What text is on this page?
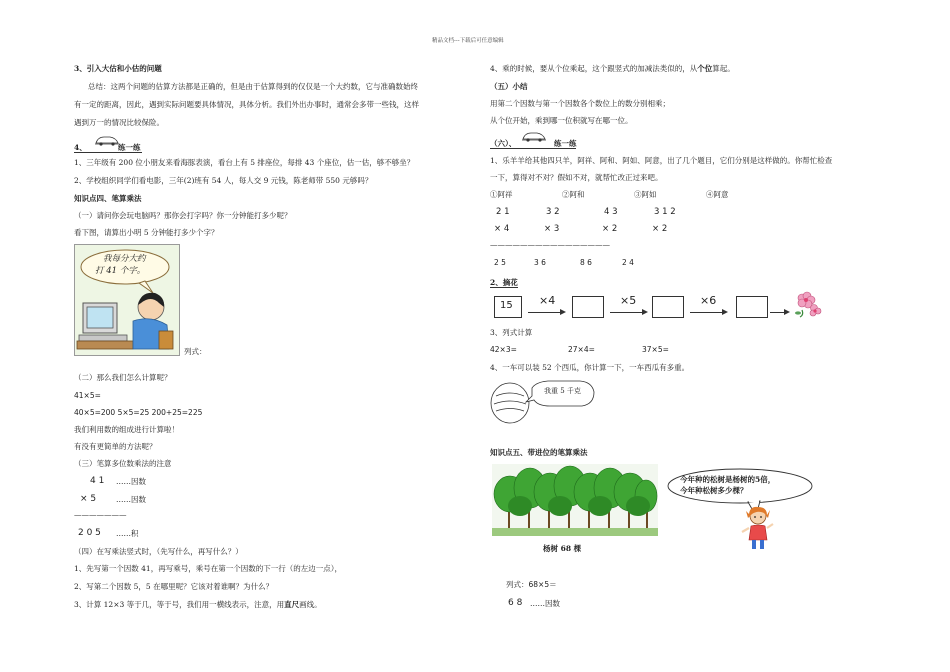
精品文档---下载后可任意编辑
3、引入大估和小估的问题
总结：这两个问题的估算方法都是正确的，但是由于估算得到的仅仅是一个大约数，它与准确数始终
有一定的距离，因此，遇到实际问题要具体情况，具体分析。我们外出办事时，通常会多带一些钱，这样
遇到万一的情况比较保险。
4、	练一练
1、三年级有 200 位小朋友来看海豚表演，看台上有 5 排座位，每排 43 个座位，估一估，够不够坐？
2、学校组织同学们看电影，三年(2)班有 54 人，每人交 9 元钱，陈老师带 550 元够吗？
知识点四、笔算乘法
（一）请问你会玩电脑吗？那你会打字吗？你一分钟能打多少呢？
看下图，请算出小明 5 分钟能打多少个字？
我每分大约
打 41 个字。
列式：
（二）那么我们怎么计算呢？
41×5=
40×5=200 5×5=25 200+25=225
我们利用数的组成进行计算啦！
有没有更简单的方法呢？
（三）笔算多位数乘法的注意
4 1 ……因数
× 5	……因数
———————
2 0 5 ……积
（四）在写乘法竖式时，（先写什么，再写什么？）
1、先写第一个因数 41，再写乘号，乘号在第一个因数的下一行（的左边一点），
2、写第二个因数 5，5 在哪里呢？它该对着谁啊？为什么？
3、计算 12×3 等于几，等于号，我们用一横线表示，注意，用直尺画线。
4、乘的时候，要从个位乘起，这个跟竖式的加减法类似的，从个位算起。
（五）小结
用第二个因数与第一个因数各个数位上的数分别相乘；
从个位开始，乘到哪一位积就写在哪一位。
（六）、	练一练
1、乐羊羊给其他四只羊，阿祥、阿和、阿如、阿意，出了几个题目，它们分别是这样做的。你帮忙检查
一下，算得对不对？假如不对，就帮忙改正过来吧。
①阿祥	②阿和	③阿如	④阿意
2 1	3 2	4 3	3 1 2
× 4	× 3	× 2	× 2
————————————————
2 5	3 6	8 6	2 4
2、摘花
15 ×4	×5	×6
3、列式计算
42×3=	27×4=	37×5=
4、一车可以装 52 个西瓜，你计算一下，一车西瓜有多重。
我重 5 千克
知识点五、带进位的笔算乘法
杨树 68 棵
今年种的松树是杨树的5倍，
今年种松树多少棵？
列式：68×5＝
6 8 ……因数
